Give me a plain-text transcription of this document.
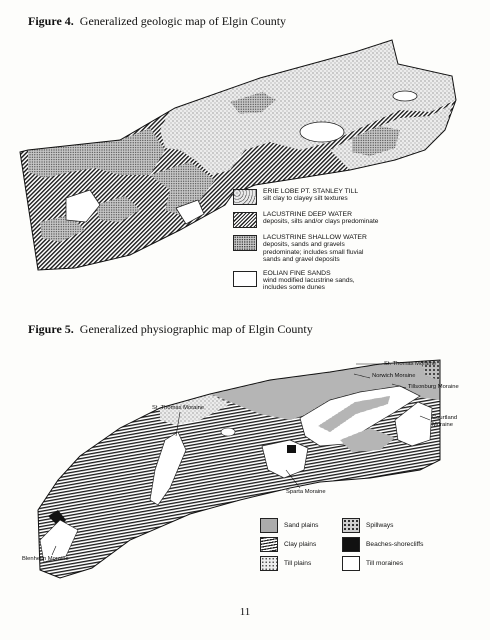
Figure 4. Generalized geologic map of Elgin County
ERIE LOBE PT. STANLEY TILL
silt clay to clayey silt textures
LACUSTRINE DEEP WATER
deposits, silts and/or clays predominate
LACUSTRINE SHALLOW WATER
deposits, sands and gravels predominate; includes small fluvial sands and gravel deposits
EOLIAN FINE SANDS
wind modified lacustrine sands, includes some dunes
Figure 5. Generalized physiographic map of Elgin County
St. Thomas Moraine
Norwich Moraine
Tillsonburg Moraine
St. Thomas Moraine
Courtland
Moraine
Sparta Moraine
Blenheim Moraine
Sand plains
Clay plains
Till plains
Spillways
Beaches-shorecliffs
Till moraines
11
